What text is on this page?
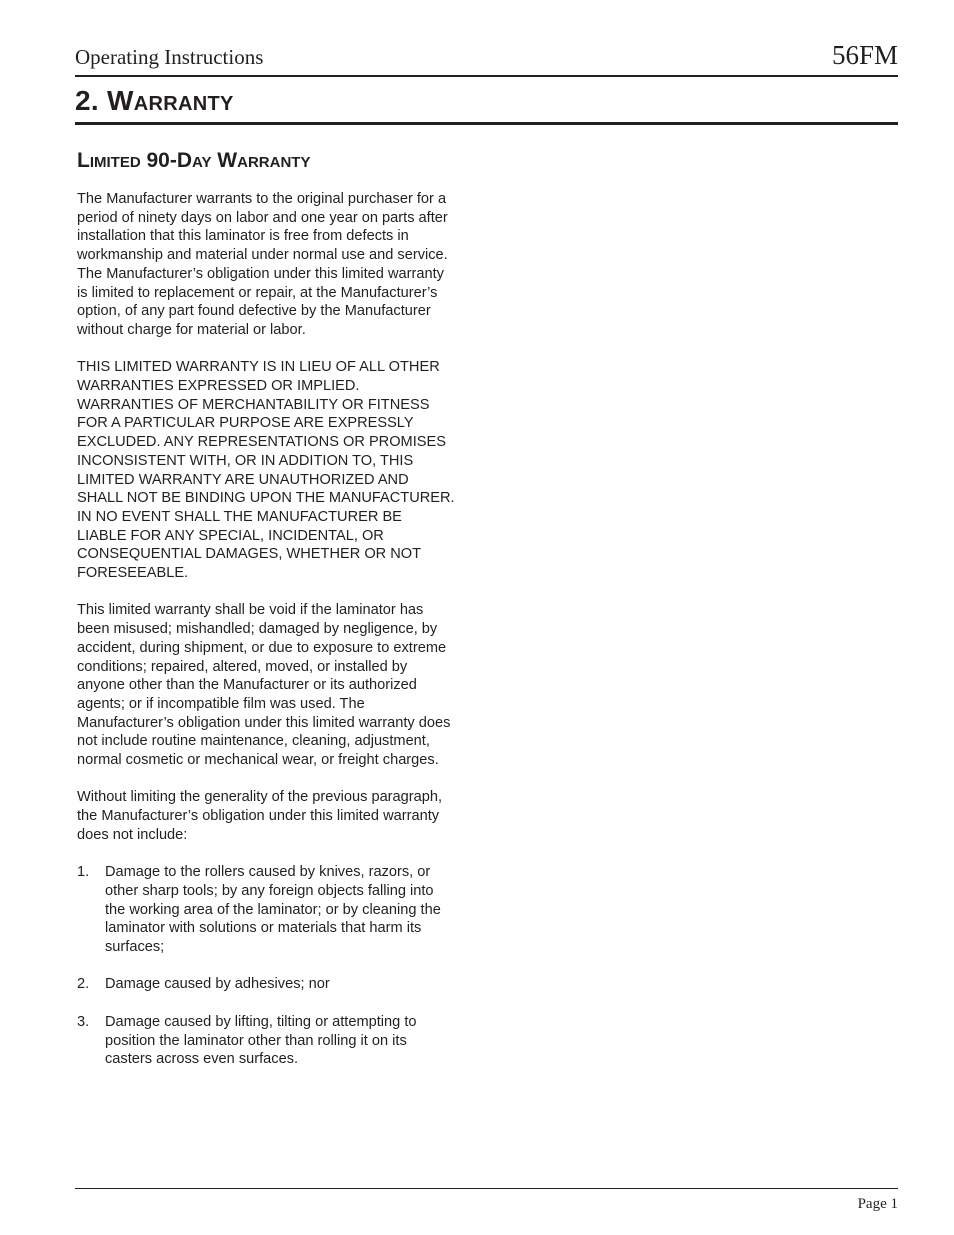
Operating Instructions	56FM
2. Warranty
Limited 90-Day Warranty

The Manufacturer warrants to the original purchaser for a period of ninety days on labor and one year on parts after installation that this laminator is free from defects in workmanship and material under normal use and service. The Manufacturer’s obligation under this limited warranty is limited to replacement or repair, at the Manufacturer’s option, of any part found defective by the Manufacturer without charge for material or labor.

THIS LIMITED WARRANTY IS IN LIEU OF ALL OTHER WARRANTIES EXPRESSED OR IMPLIED. WARRANTIES OF MERCHANTABILITY OR FITNESS FOR A PARTICULAR PURPOSE ARE EXPRESSLY EXCLUDED. ANY REPRESENTATIONS OR PROMISES INCONSISTENT WITH, OR IN ADDITION TO, THIS LIMITED WARRANTY ARE UNAUTHORIZED AND SHALL NOT BE BINDING UPON THE MANUFACTURER. IN NO EVENT SHALL THE MANUFACTURER BE LIABLE FOR ANY SPECIAL, INCIDENTAL, OR CONSEQUENTIAL DAMAGES, WHETHER OR NOT FORESEEABLE.

This limited warranty shall be void if the laminator has been misused; mishandled; damaged by negligence, by accident, during shipment, or due to exposure to extreme conditions; repaired, altered, moved, or installed by anyone other than the Manufacturer or its authorized agents; or if incompatible film was used. The Manufacturer’s obligation under this limited warranty does not include routine maintenance, cleaning, adjustment, normal cosmetic or mechanical wear, or freight charges.

Without limiting the generality of the previous paragraph, the Manufacturer’s obligation under this limited warranty does not include:

1. Damage to the rollers caused by knives, razors, or other sharp tools; by any foreign objects falling into the working area of the laminator; or by cleaning the laminator with solutions or materials that harm its surfaces;
2. Damage caused by adhesives; nor
3. Damage caused by lifting, tilting or attempting to position the laminator other than rolling it on its casters across even surfaces.
Page 1
